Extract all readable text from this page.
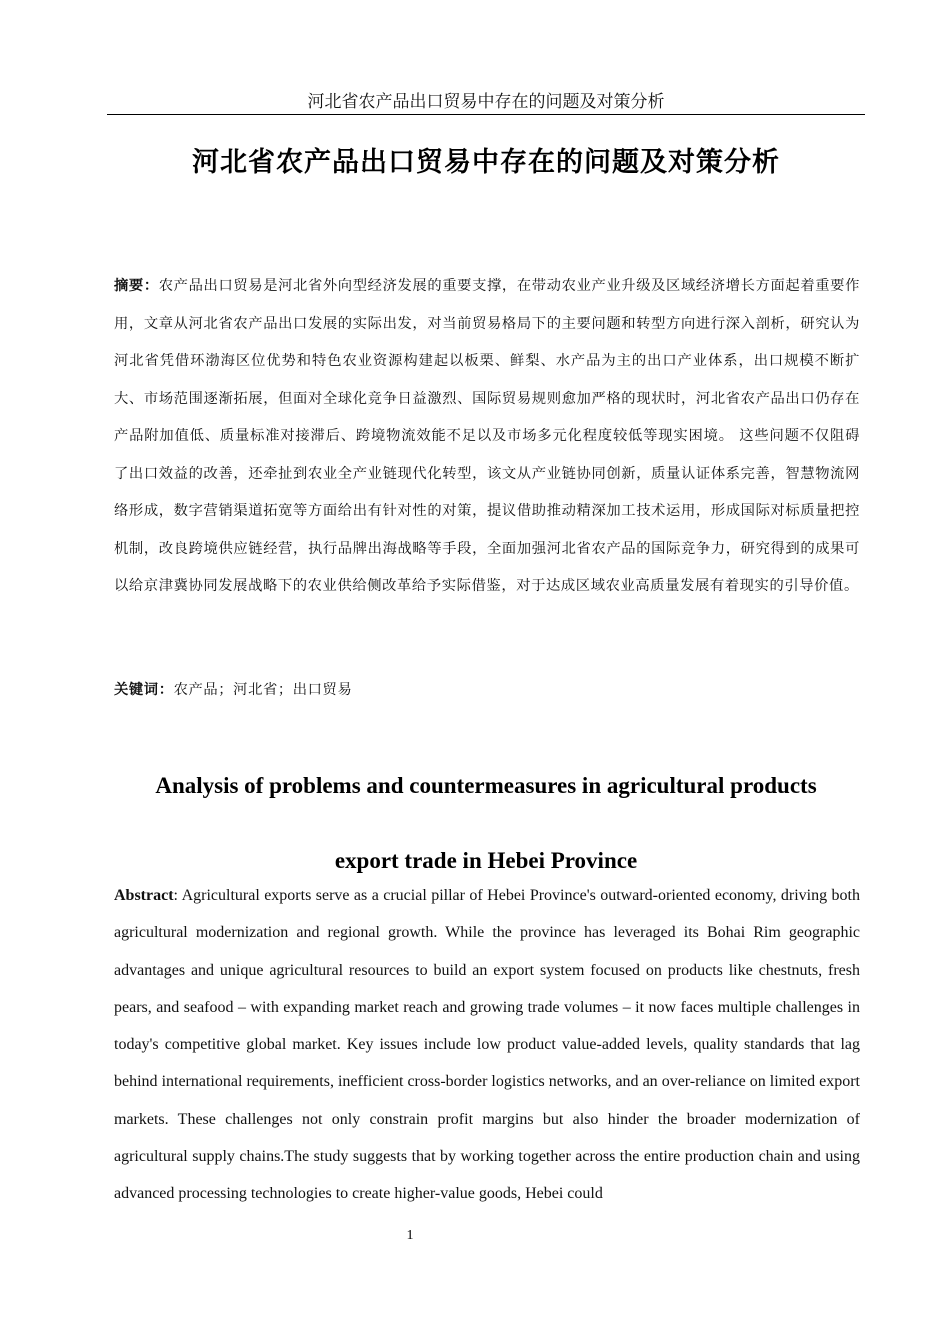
河北省农产品出口贸易中存在的问题及对策分析
河北省农产品出口贸易中存在的问题及对策分析
摘要：农产品出口贸易是河北省外向型经济发展的重要支撑，在带动农业产业升级及区域经济增长方面起着重要作用，文章从河北省农产品出口发展的实际出发，对当前贸易格局下的主要问题和转型方向进行深入剖析，研究认为河北省凭借环渤海区位优势和特色农业资源构建起以板栗、鲜梨、水产品为主的出口产业体系，出口规模不断扩大、市场范围逐渐拓展，但面对全球化竞争日益激烈、国际贸易规则愈加严格的现状时，河北省农产品出口仍存在产品附加值低、质量标准对接滞后、跨境物流效能不足以及市场多元化程度较低等现实困境。 这些问题不仅阻碍了出口效益的改善，还牵扯到农业全产业链现代化转型，该文从产业链协同创新，质量认证体系完善，智慧物流网络形成，数字营销渠道拓宽等方面给出有针对性的对策，提议借助推动精深加工技术运用，形成国际对标质量把控机制，改良跨境供应链经营，执行品牌出海战略等手段，全面加强河北省农产品的国际竞争力，研究得到的成果可以给京津冀协同发展战略下的农业供给侧改革给予实际借鉴，对于达成区域农业高质量发展有着现实的引导价值。
关键词：农产品；河北省；出口贸易
Analysis of problems and countermeasures in agricultural products
export trade in Hebei Province
Abstract: Agricultural exports serve as a crucial pillar of Hebei Province's outward-oriented economy, driving both agricultural modernization and regional growth. While the province has leveraged its Bohai Rim geographic advantages and unique agricultural resources to build an export system focused on products like chestnuts, fresh pears, and seafood – with expanding market reach and growing trade volumes – it now faces multiple challenges in today's competitive global market. Key issues include low product value-added levels, quality standards that lag behind international requirements, inefficient cross-border logistics networks, and an over-reliance on limited export markets. These challenges not only constrain profit margins but also hinder the broader modernization of agricultural supply chains.The study suggests that by working together across the entire production chain and using advanced processing technologies to create higher-value goods, Hebei could
1
